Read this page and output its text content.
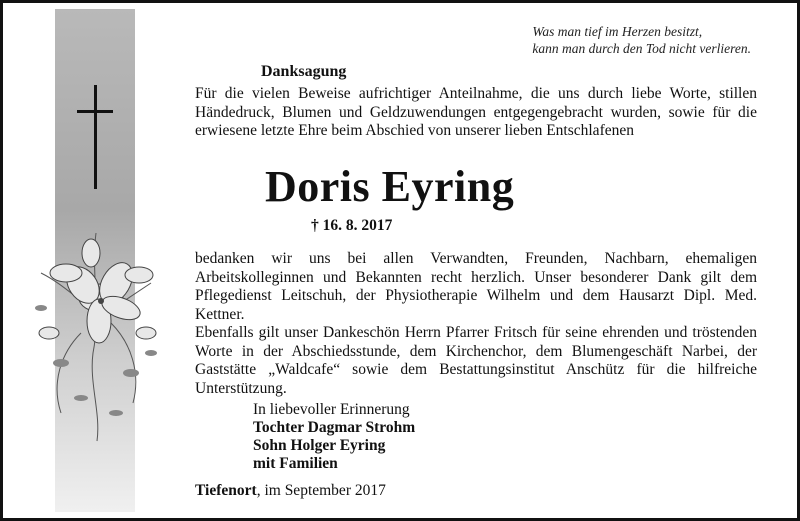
Was man tief im Herzen besitzt,
kann man durch den Tod nicht verlieren.
Danksagung
Für die vielen Beweise aufrichtiger Anteilnahme, die uns durch liebe Worte, stillen Händedruck, Blumen und Geldzuwendungen entgegengebracht wurden, sowie für die erwiesene letzte Ehre beim Abschied von unserer lieben Entschlafenen
Doris Eyring
† 16. 8. 2017
bedanken wir uns bei allen Verwandten, Freunden, Nachbarn, ehemaligen Arbeitskolleginnen und Bekannten recht herzlich. Unser besonderer Dank gilt dem Pflegedienst Leitschuh, der Physiotherapie Wilhelm und dem Hausarzt Dipl. Med. Kettner.
Ebenfalls gilt unser Dankeschön Herrn Pfarrer Fritsch für seine ehrenden und tröstenden Worte in der Abschiedsstunde, dem Kirchenchor, dem Blumengeschäft Narbei, der Gaststätte „Waldcafe“ sowie dem Bestattungsinstitut Anschütz für die hilfreiche Unterstützung.
In liebevoller Erinnerung
Tochter Dagmar Strohm
Sohn Holger Eyring
mit Familien
Tiefenort, im September 2017
